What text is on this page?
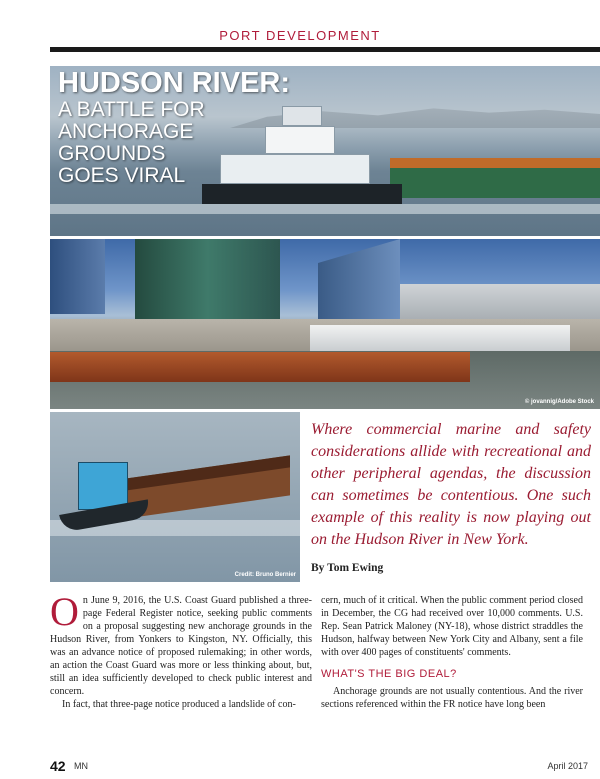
PORT DEVELOPMENT
HUDSON RIVER:
A BATTLE FOR
ANCHORAGE
GROUNDS
GOES VIRAL
© jovannig/Adobe Stock
Credit: Bruno Bernier
Where commercial marine and safety considerations allide with recreational and other peripheral agendas, the discussion can sometimes be contentious. One such example of this reality is now playing out on the Hudson River in New York.
By Tom Ewing

On June 9, 2016, the U.S. Coast Guard published a three-page Federal Register notice, seeking public comments on a proposal suggesting new anchorage grounds in the Hudson River, from Yonkers to Kingston, NY. Officially, this was an advance notice of proposed rulemaking; in other words, an action the Coast Guard was more or less thinking about, but, still an idea sufficiently developed to check public interest and concern.

In fact, that three-page notice produced a landslide of con-

cern, much of it critical. When the public comment period closed in December, the CG had received over 10,000 comments. U.S. Rep. Sean Patrick Maloney (NY-18), whose district straddles the Hudson, halfway between New York City and Albany, sent a file with over 400 pages of constituents' comments.

WHAT'S THE BIG DEAL?

Anchorage grounds are not usually contentious. And the river sections referenced within the FR notice have long been

42 MN	April 2017
